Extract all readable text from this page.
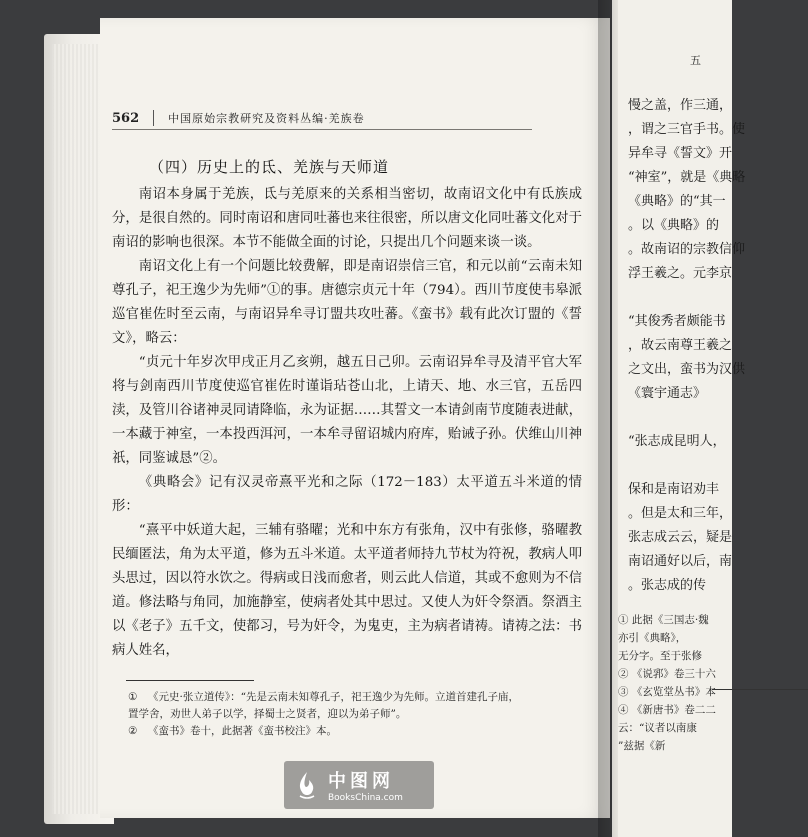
562	中国原始宗教研究及资料丛编·羌族卷
（四）历史上的氐、羌族与天师道

南诏本身属于羌族，氐与羌原来的关系相当密切，故南诏文化中有氐族成分，是很自然的。同时南诏和唐同吐蕃也来往很密，所以唐文化同吐蕃文化对于南诏的影响也很深。本节不能做全面的讨论，只提出几个问题来谈一谈。

南诏文化上有一个问题比较费解，即是南诏崇信三官，和元以前“云南未知尊孔子，祀王逸少为先师”①的事。唐德宗贞元十年（794）。西川节度使韦皋派巡官崔佐时至云南，与南诏异牟寻订盟共攻吐蕃。《蛮书》载有此次订盟的《誓文》，略云：

“贞元十年岁次甲戌正月乙亥朔，越五日己卯。云南诏异牟寻及清平官大军将与剑南西川节度使巡官崔佐时谨诣玷苍山北，上请天、地、水三官，五岳四渎，及管川谷诸神灵同请降临，永为证据……其誓文一本请剑南节度随表进献，一本藏于神室，一本投西洱河，一本牟寻留诏城内府库，贻诫子孙。伏维山川神祇，同鉴诚恳”②。

《典略会》记有汉灵帝熹平光和之际（172－183）太平道五斗米道的情形：

“熹平中妖道大起，三辅有骆曜；光和中东方有张角，汉中有张修，骆曜教民缅匿法，角为太平道，修为五斗米道。太平道者师持九节杖为符祝，教病人叩头思过，因以符水饮之。得病或日浅而愈者，则云此人信道，其或不愈则为不信道。修法略与角同，加施静室，使病者处其中思过。又使人为奸令祭酒。祭酒主以《老子》五千文，使都习，号为奸令，为鬼吏，主为病者请祷。请祷之法：书病人姓名，

①	《元史·张立道传》：“先是云南未知尊孔子，祀王逸少为先师。立道首建孔子庙，
置学舍，劝世人弟子以学，择蜀士之贤者，迎以为弟子师”。
②	《蛮书》卷十，此据著《蛮书校注》本。
五
慢之盖，作三通，
，谓之三官手书。使
异牟寻《誓文》开
“神室”，就是《典略
《典略》的“其一
。以《典略》的
。故南诏的宗教信仰
浮王羲之。元李京
“其俊秀者颇能书
，故云南尊王羲之
之文出，蛮书为汉供
《寰宇通志》
“张志成昆明人，
保和是南诏劝丰
。但是太和三年，
张志成云云，疑是
南诏通好以后，南
。张志成的传
① 此据《三国志·魏
亦引《典略》，
无分字。至于张修
② 《说郛》卷三十六
③ 《玄览堂丛书》本
④ 《新唐书》卷二二
云：“议者以南康
”兹据《新
中图网
BooksChina.com
